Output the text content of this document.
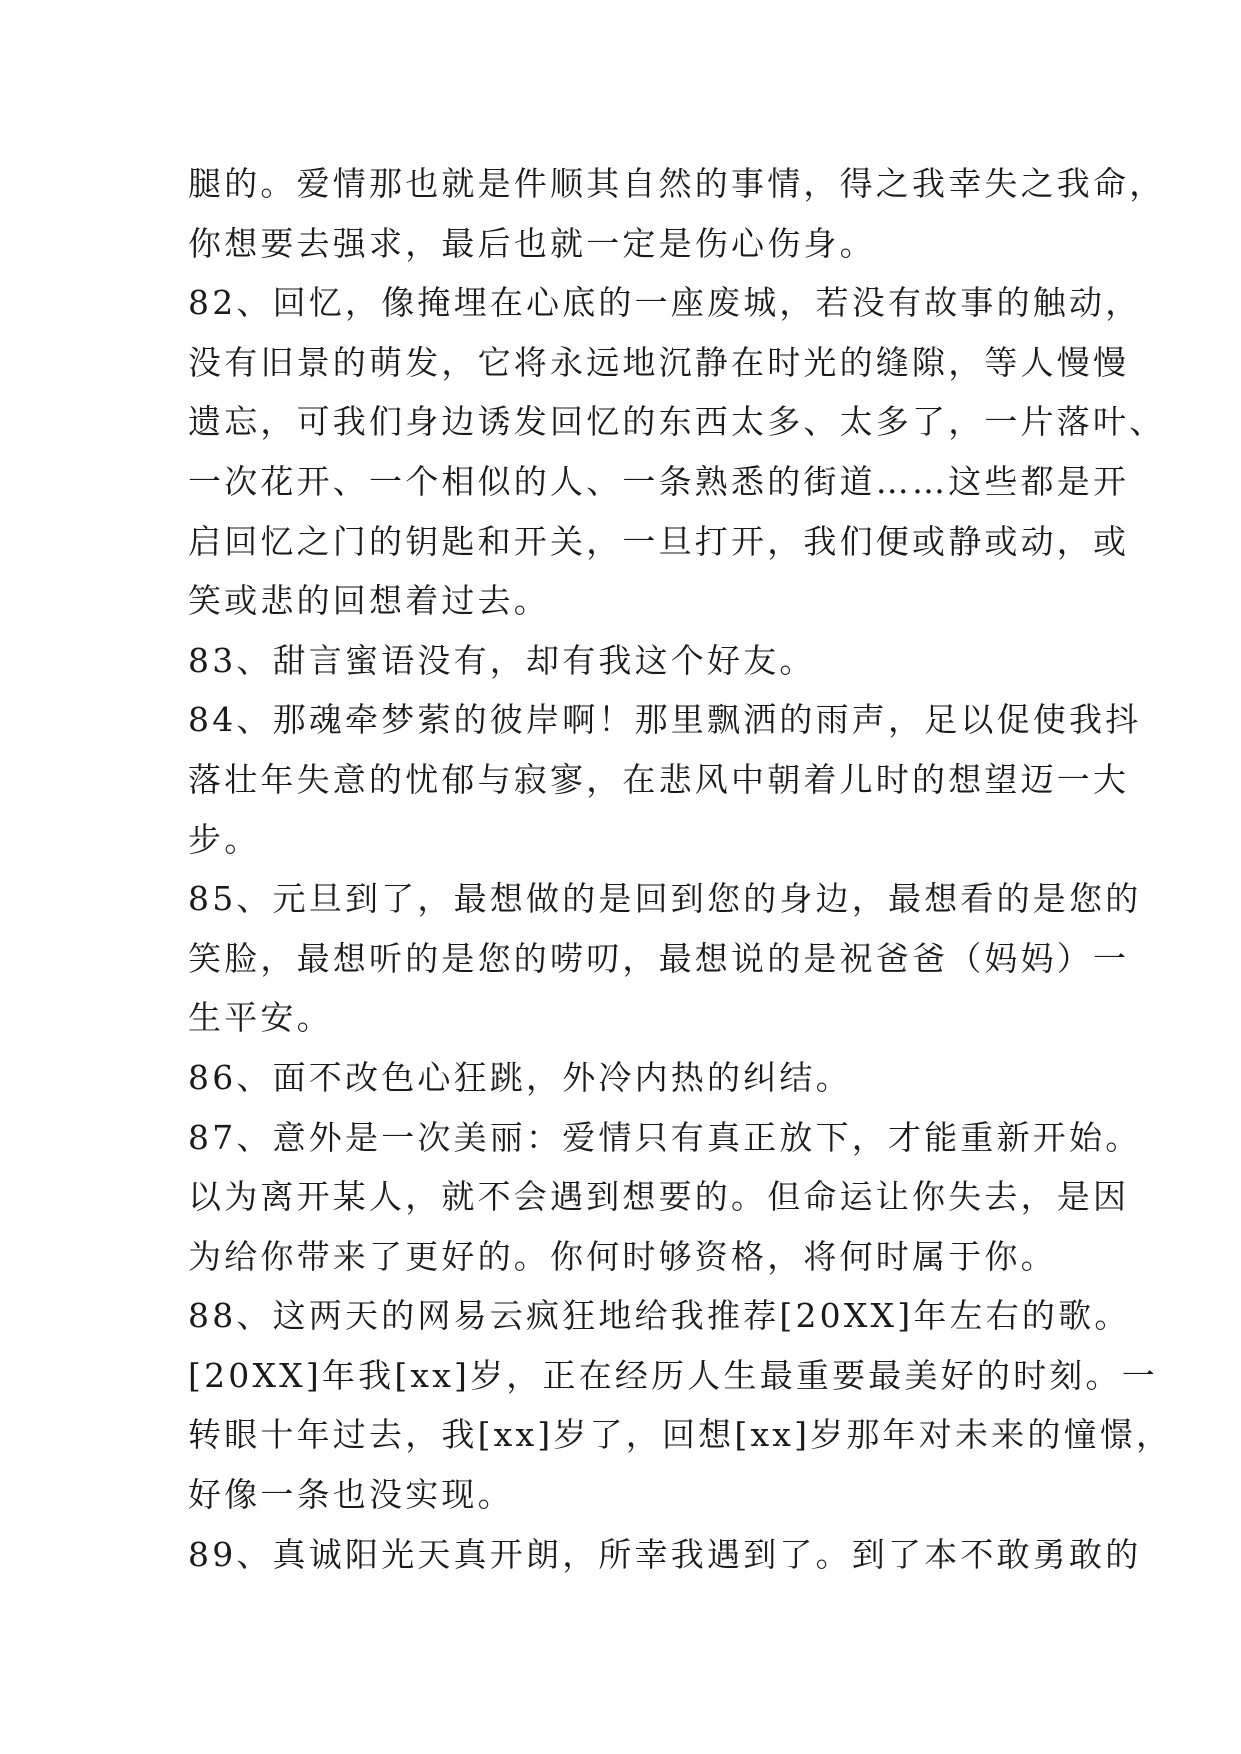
腿的。爱情那也就是件顺其自然的事情，得之我幸失之我命，
你想要去强求，最后也就一定是伤心伤身。
82、回忆，像掩埋在心底的一座废城，若没有故事的触动，
没有旧景的萌发，它将永远地沉静在时光的缝隙，等人慢慢
遗忘，可我们身边诱发回忆的东西太多、太多了，一片落叶、
一次花开、一个相似的人、一条熟悉的街道……这些都是开
启回忆之门的钥匙和开关，一旦打开，我们便或静或动，或
笑或悲的回想着过去。
83、甜言蜜语没有，却有我这个好友。
84、那魂牵梦萦的彼岸啊！那里飘洒的雨声，足以促使我抖
落壮年失意的忧郁与寂寥，在悲风中朝着儿时的想望迈一大
步。
85、元旦到了，最想做的是回到您的身边，最想看的是您的
笑脸，最想听的是您的唠叨，最想说的是祝爸爸（妈妈）一
生平安。
86、面不改色心狂跳，外冷内热的纠结。
87、意外是一次美丽：爱情只有真正放下，才能重新开始。
以为离开某人，就不会遇到想要的。但命运让你失去，是因
为给你带来了更好的。你何时够资格，将何时属于你。
88、这两天的网易云疯狂地给我推荐[20XX]年左右的歌。
[20XX]年我[xx]岁，正在经历人生最重要最美好的时刻。一
转眼十年过去，我[xx]岁了，回想[xx]岁那年对未来的憧憬，
好像一条也没实现。
89、真诚阳光天真开朗，所幸我遇到了。到了本不敢勇敢的
